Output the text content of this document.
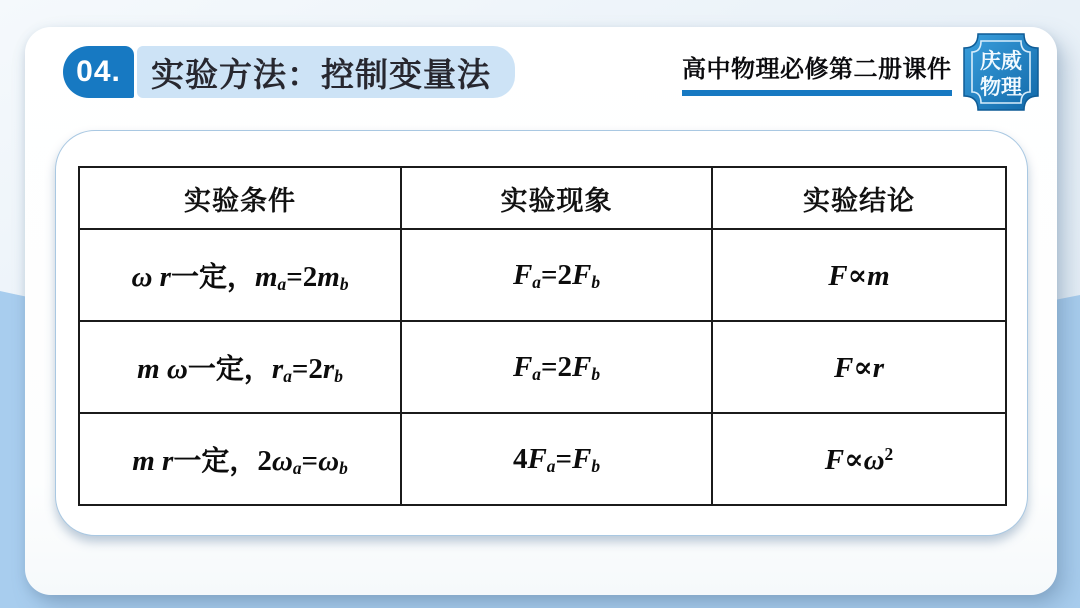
04. 实验方法：控制变量法	高中物理必修第二册课件 庆威
物理
实验条件	实验现象	实验结论
ω r一定，ma=2mb	Fa=2Fb	F∝m
m ω一定，ra=2rb	Fa=2Fb	F∝r
m r一定，2ωa=ωb	4Fa=Fb	$F\propto\omega^2$
